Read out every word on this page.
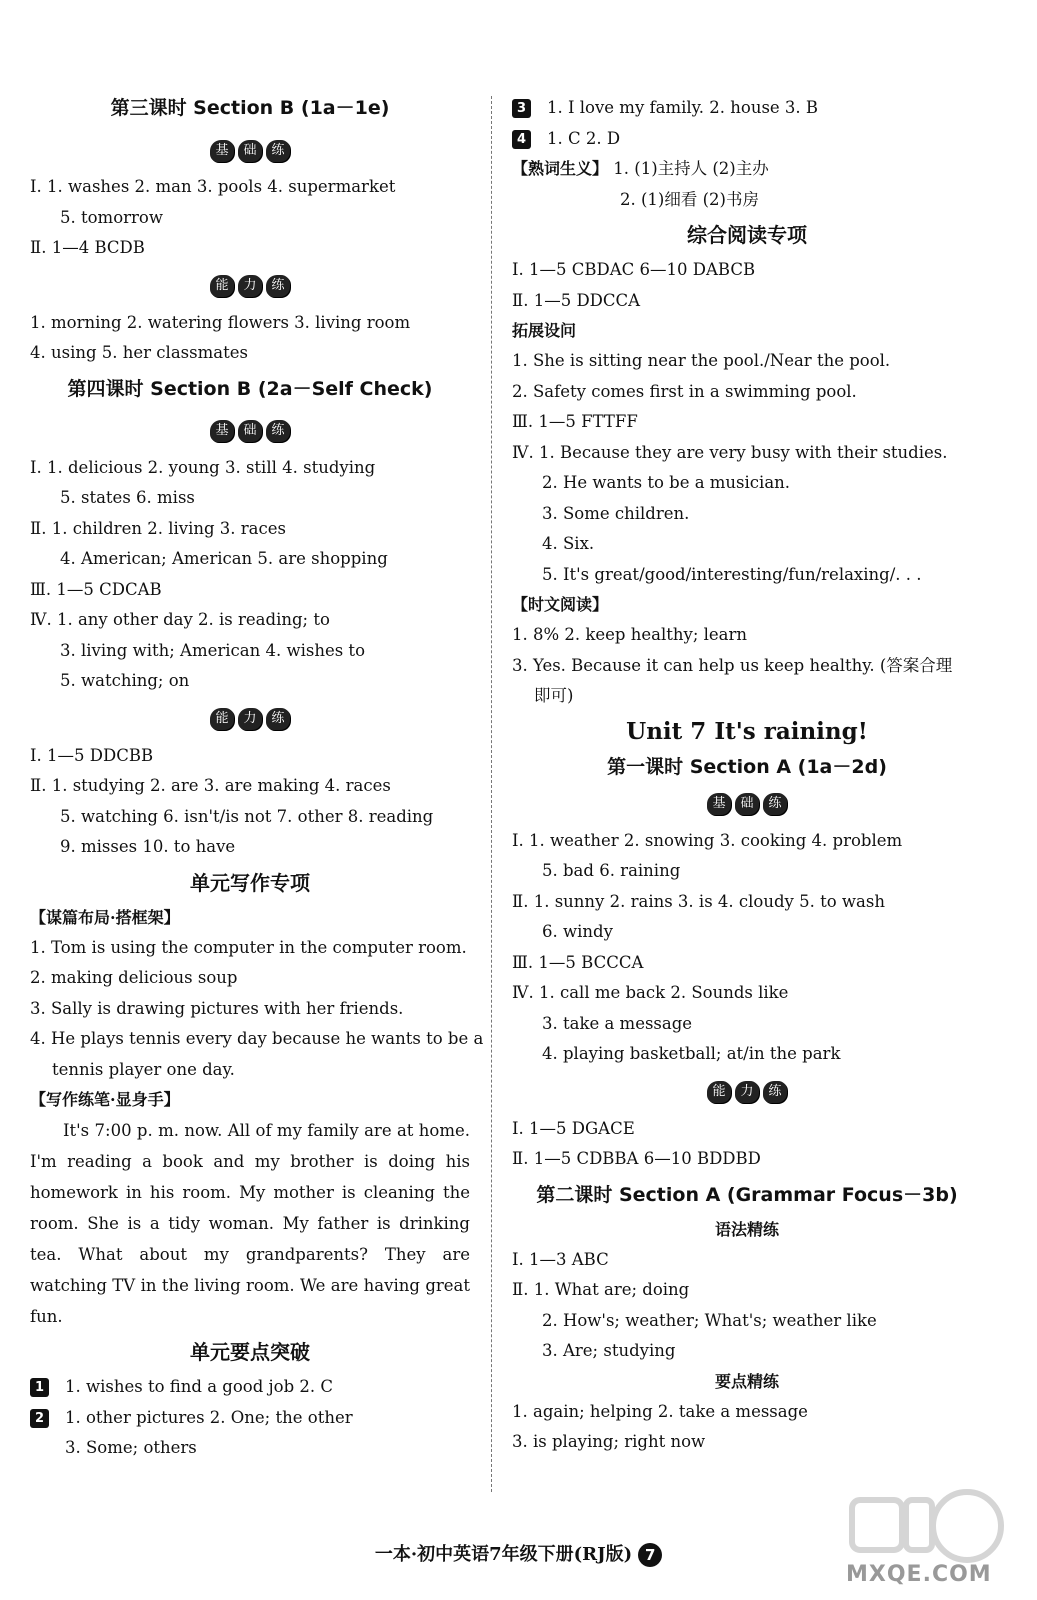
第三课时 Section B (1a－1e)
基 础 练
Ⅰ. 1. washes 2. man 3. pools 4. supermarket
5. tomorrow
Ⅱ. 1—4 BCDB
能 力 练
1. morning 2. watering flowers 3. living room
4. using 5. her classmates
第四课时 Section B (2a－Self Check)
基 础 练
Ⅰ. 1. delicious 2. young 3. still 4. studying
5. states 6. miss
Ⅱ. 1. children 2. living 3. races
4. American; American 5. are shopping
Ⅲ. 1—5 CDCAB
Ⅳ. 1. any other day 2. is reading; to
3. living with; American 4. wishes to
5. watching; on
能 力 练
Ⅰ. 1—5 DDCBB
Ⅱ. 1. studying 2. are 3. are making 4. races
5. watching 6. isn't/is not 7. other 8. reading
9. misses 10. to have
单元写作专项
【谋篇布局·搭框架】
1. Tom is using the computer in the computer room.
2. making delicious soup
3. Sally is drawing pictures with her friends.
4. He plays tennis every day because he wants to be a
tennis player one day.
【写作练笔·显身手】

It's 7:00 p. m. now. All of my family are at home. I'm reading a book and my brother is doing his homework in his room. My mother is cleaning the room. She is a tidy woman. My father is drinking tea. What about my grandparents? They are watching TV in the living room. We are having great fun.

单元要点突破
1 1. wishes to find a good job 2. C
2 1. other pictures 2. One; the other
3. Some; others
3 1. I love my family. 2. house 3. B
4 1. C 2. D
【熟词生义】 1. (1)主持人 (2)主办
2. (1)细看 (2)书房
综合阅读专项
Ⅰ. 1—5 CBDAC 6—10 DABCB
Ⅱ. 1—5 DDCCA
拓展设问
1. She is sitting near the pool./Near the pool.
2. Safety comes first in a swimming pool.
Ⅲ. 1—5 FTTFF
Ⅳ. 1. Because they are very busy with their studies.
2. He wants to be a musician.
3. Some children.
4. Six.
5. It's great/good/interesting/fun/relaxing/. . .
【时文阅读】
1. 8% 2. keep healthy; learn
3. Yes. Because it can help us keep healthy. (答案合理
即可)
Unit 7 It's raining!
第一课时 Section A (1a－2d)
基 础 练
Ⅰ. 1. weather 2. snowing 3. cooking 4. problem
5. bad 6. raining
Ⅱ. 1. sunny 2. rains 3. is 4. cloudy 5. to wash
6. windy
Ⅲ. 1—5 BCCCA
Ⅳ. 1. call me back 2. Sounds like
3. take a message
4. playing basketball; at/in the park
能 力 练
Ⅰ. 1—5 DGACE
Ⅱ. 1—5 CDBBA 6—10 BDDBD
第二课时 Section A (Grammar Focus－3b)
语法精练
Ⅰ. 1—3 ABC
Ⅱ. 1. What are; doing
2. How's; weather; What's; weather like
3. Are; studying
要点精练
1. again; helping 2. take a message
3. is playing; right now
一本·初中英语7年级下册(RJ版) 7
MXQE.COM
